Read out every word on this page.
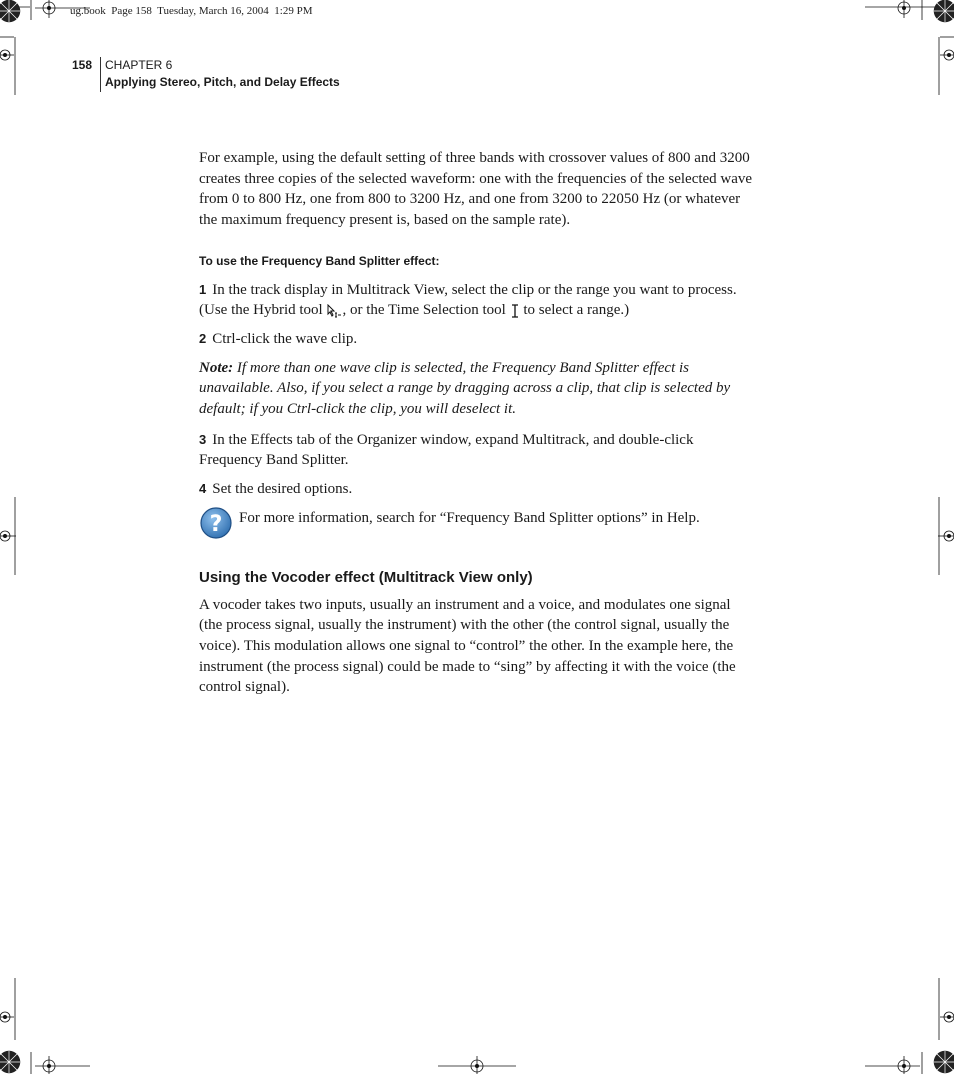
ug.book  Page 158  Tuesday, March 16, 2004  1:29 PM
158 CHAPTER 6
Applying Stereo, Pitch, and Delay Effects

For example, using the default setting of three bands with crossover values of 800 and 3200 creates three copies of the selected waveform: one with the frequencies of the selected wave from 0 to 800 Hz, one from 800 to 3200 Hz, and one from 3200 to 22050 Hz (or whatever the maximum frequency present is, based on the sample rate).

To use the Frequency Band Splitter effect:

1 In the track display in Multitrack View, select the clip or the range you want to process. (Use the Hybrid tool , or the Time Selection tool to select a range.)

2 Ctrl-click the wave clip.

Note: If more than one wave clip is selected, the Frequency Band Splitter effect is unavailable. Also, if you select a range by dragging across a clip, that clip is selected by default; if you Ctrl-click the clip, you will deselect it.

3 In the Effects tab of the Organizer window, expand Multitrack, and double-click Frequency Band Splitter.

4 Set the desired options.

? For more information, search for “Frequency Band Splitter options” in Help.

Using the Vocoder effect (Multitrack View only)

A vocoder takes two inputs, usually an instrument and a voice, and modulates one signal (the process signal, usually the instrument) with the other (the control signal, usually the voice). This modulation allows one signal to “control” the other. In the example here, the instrument (the process signal) could be made to “sing” by affecting it with the voice (the control signal).
